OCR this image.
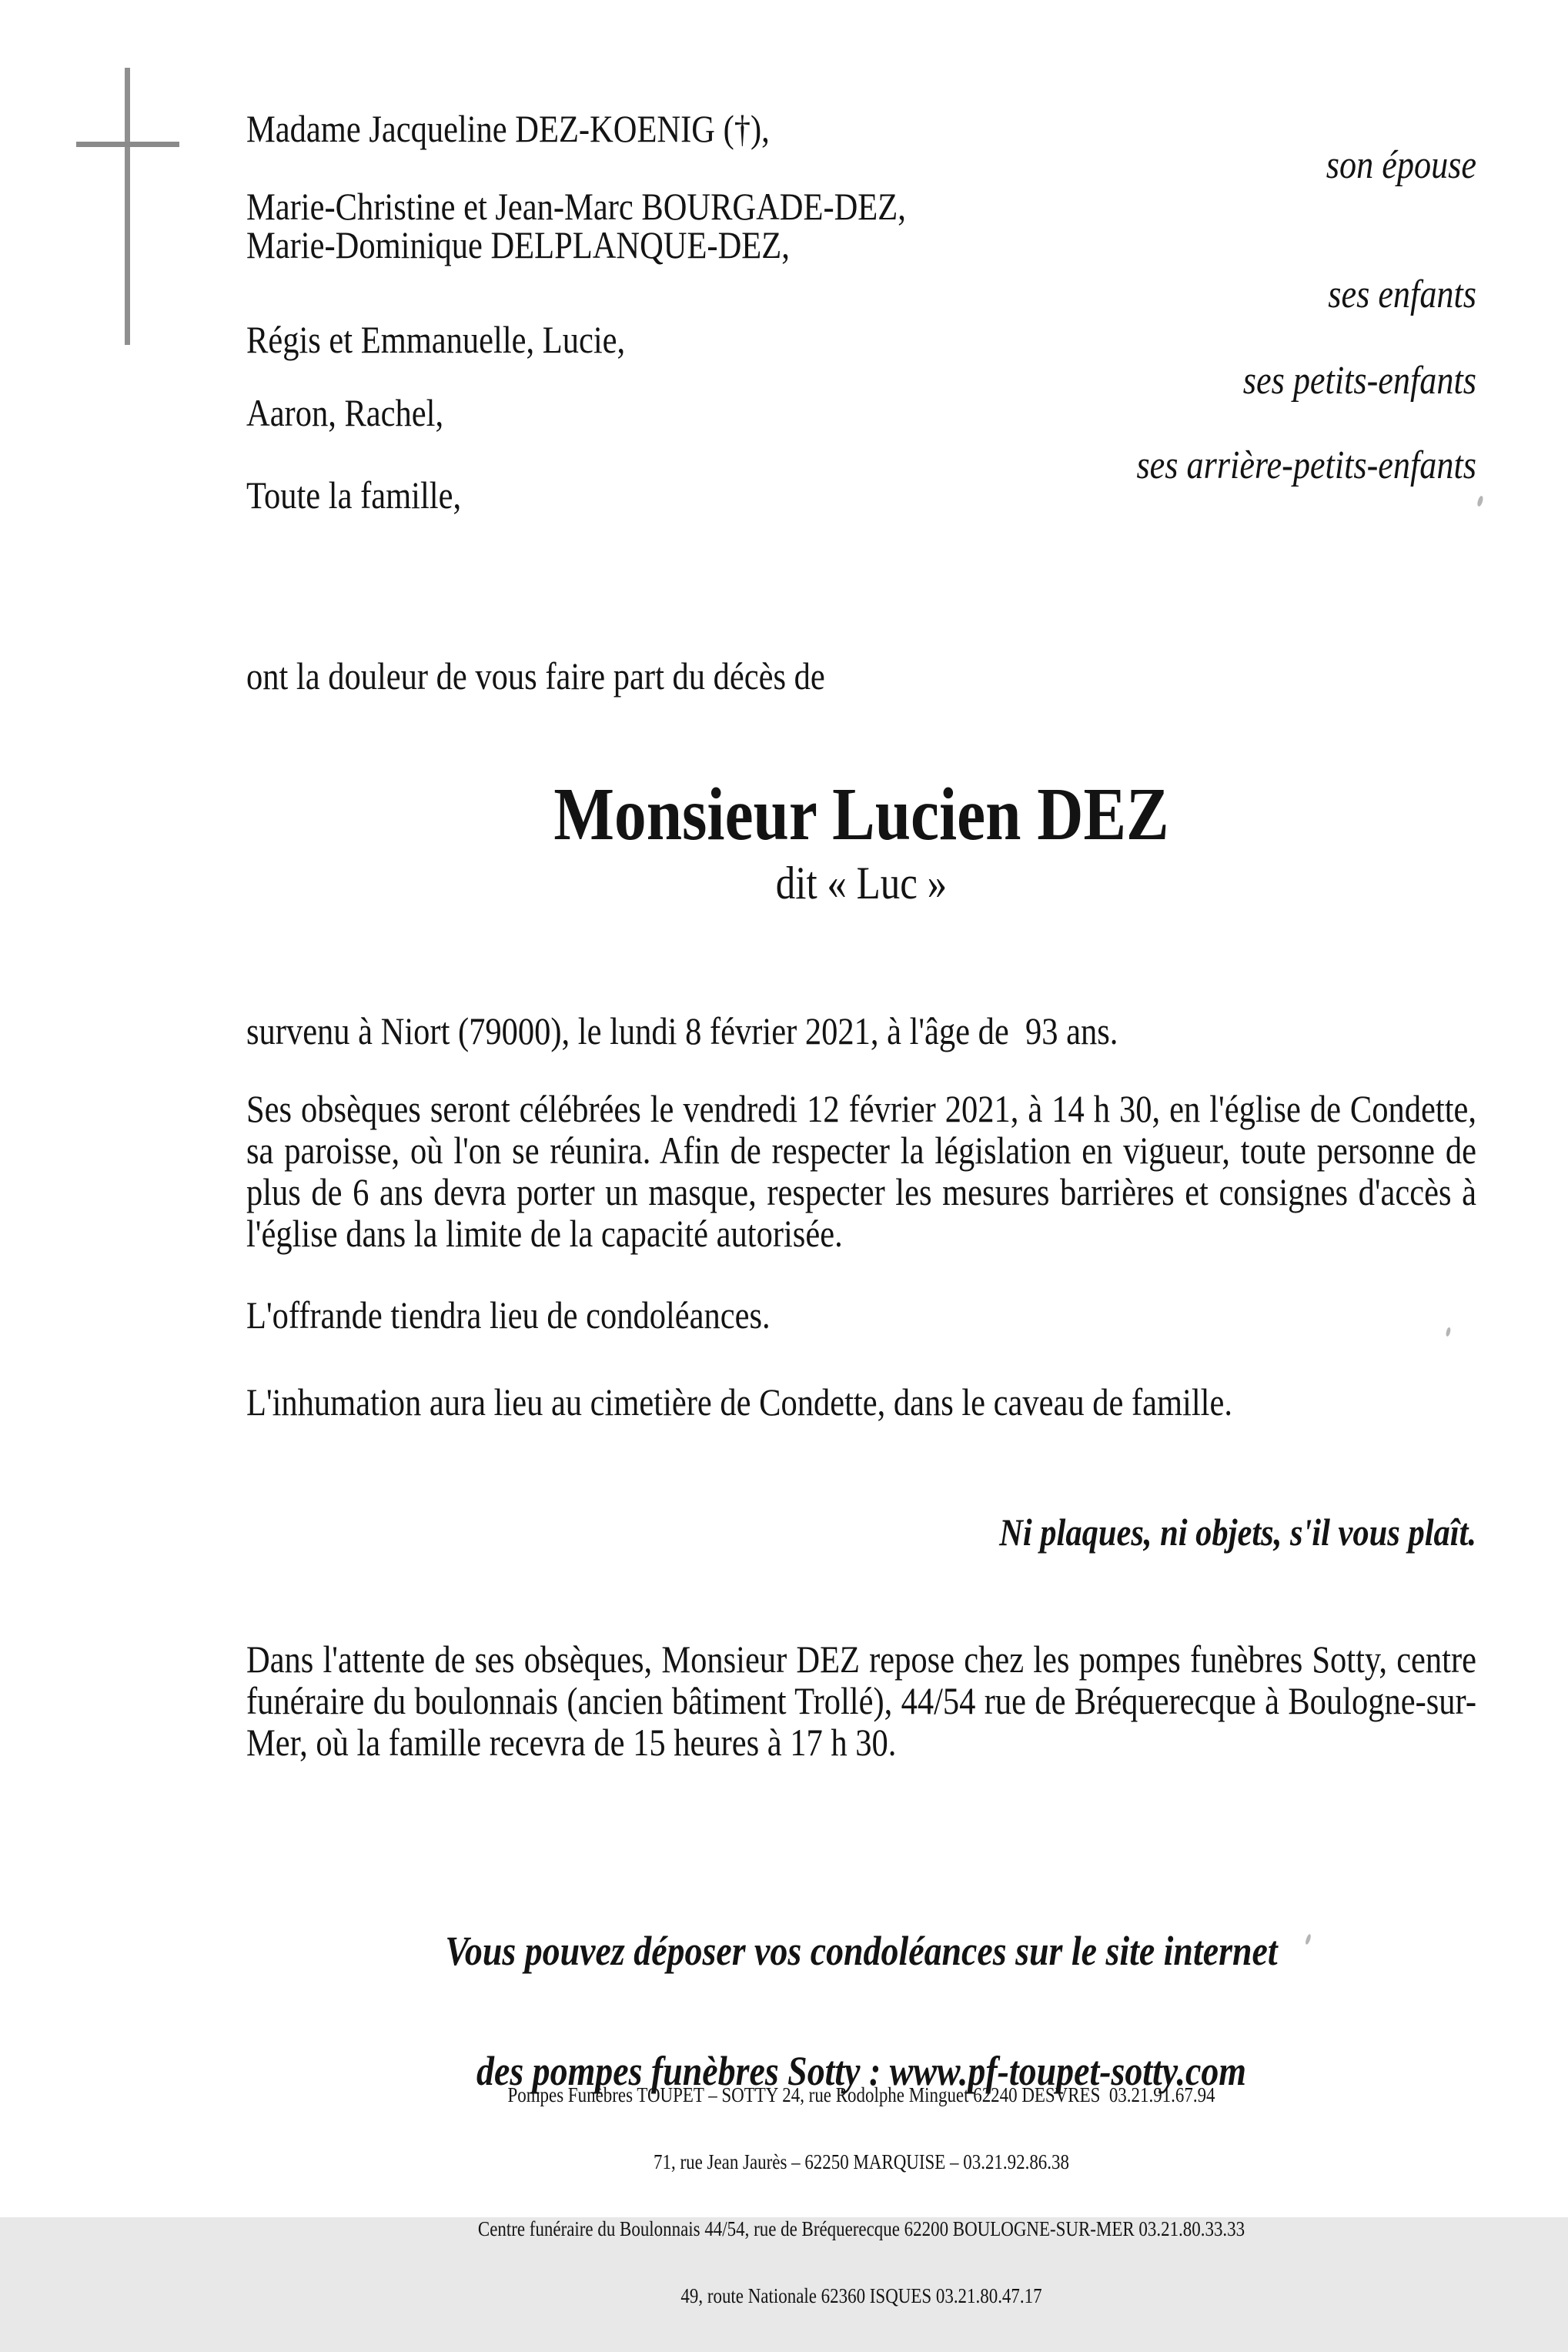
Madame Jacqueline DEZ-KOENIG (†),
son épouse
Marie-Christine et Jean-Marc BOURGADE-DEZ,
Marie-Dominique DELPLANQUE-DEZ,
ses enfants
Régis et Emmanuelle, Lucie,
ses petits-enfants
Aaron, Rachel,
ses arrière-petits-enfants
Toute la famille,
ont la douleur de vous faire part du décès de
Monsieur Lucien DEZ
dit « Luc »
survenu à Niort (79000), le lundi 8 février 2021, à l'âge de  93 ans.
Ses obsèques seront célébrées le vendredi 12 février 2021, à 14 h 30, en l'église de Condette, sa paroisse, où l'on se réunira. Afin de respecter la législation en vigueur, toute personne de plus de 6 ans devra porter un masque, respecter les mesures barrières et consignes d'accès à l'église dans la limite de la capacité autorisée.
L'offrande tiendra lieu de condoléances.
L'inhumation aura lieu au cimetière de Condette, dans le caveau de famille.
Ni plaques, ni objets, s'il vous plaît.
Dans l'attente de ses obsèques, Monsieur DEZ repose chez les pompes funèbres Sotty, centre funéraire du boulonnais (ancien bâtiment Trollé), 44/54 rue de Bréquerecque à Boulogne-sur-Mer, où la famille recevra de 15 heures à 17 h 30.

Vous pouvez déposer vos condoléances sur le site internet

des pompes funèbres Sotty : www.pf-toupet-sotty.com

Pompes Funèbres TOUPET – SOTTY 24, rue Rodolphe Minguet 62240 DESVRES  03.21.91.67.94

71, rue Jean Jaurès – 62250 MARQUISE – 03.21.92.86.38

Centre funéraire du Boulonnais 44/54, rue de Bréquerecque 62200 BOULOGNE-SUR-MER 03.21.80.33.33

49, route Nationale 62360 ISQUES 03.21.80.47.17
